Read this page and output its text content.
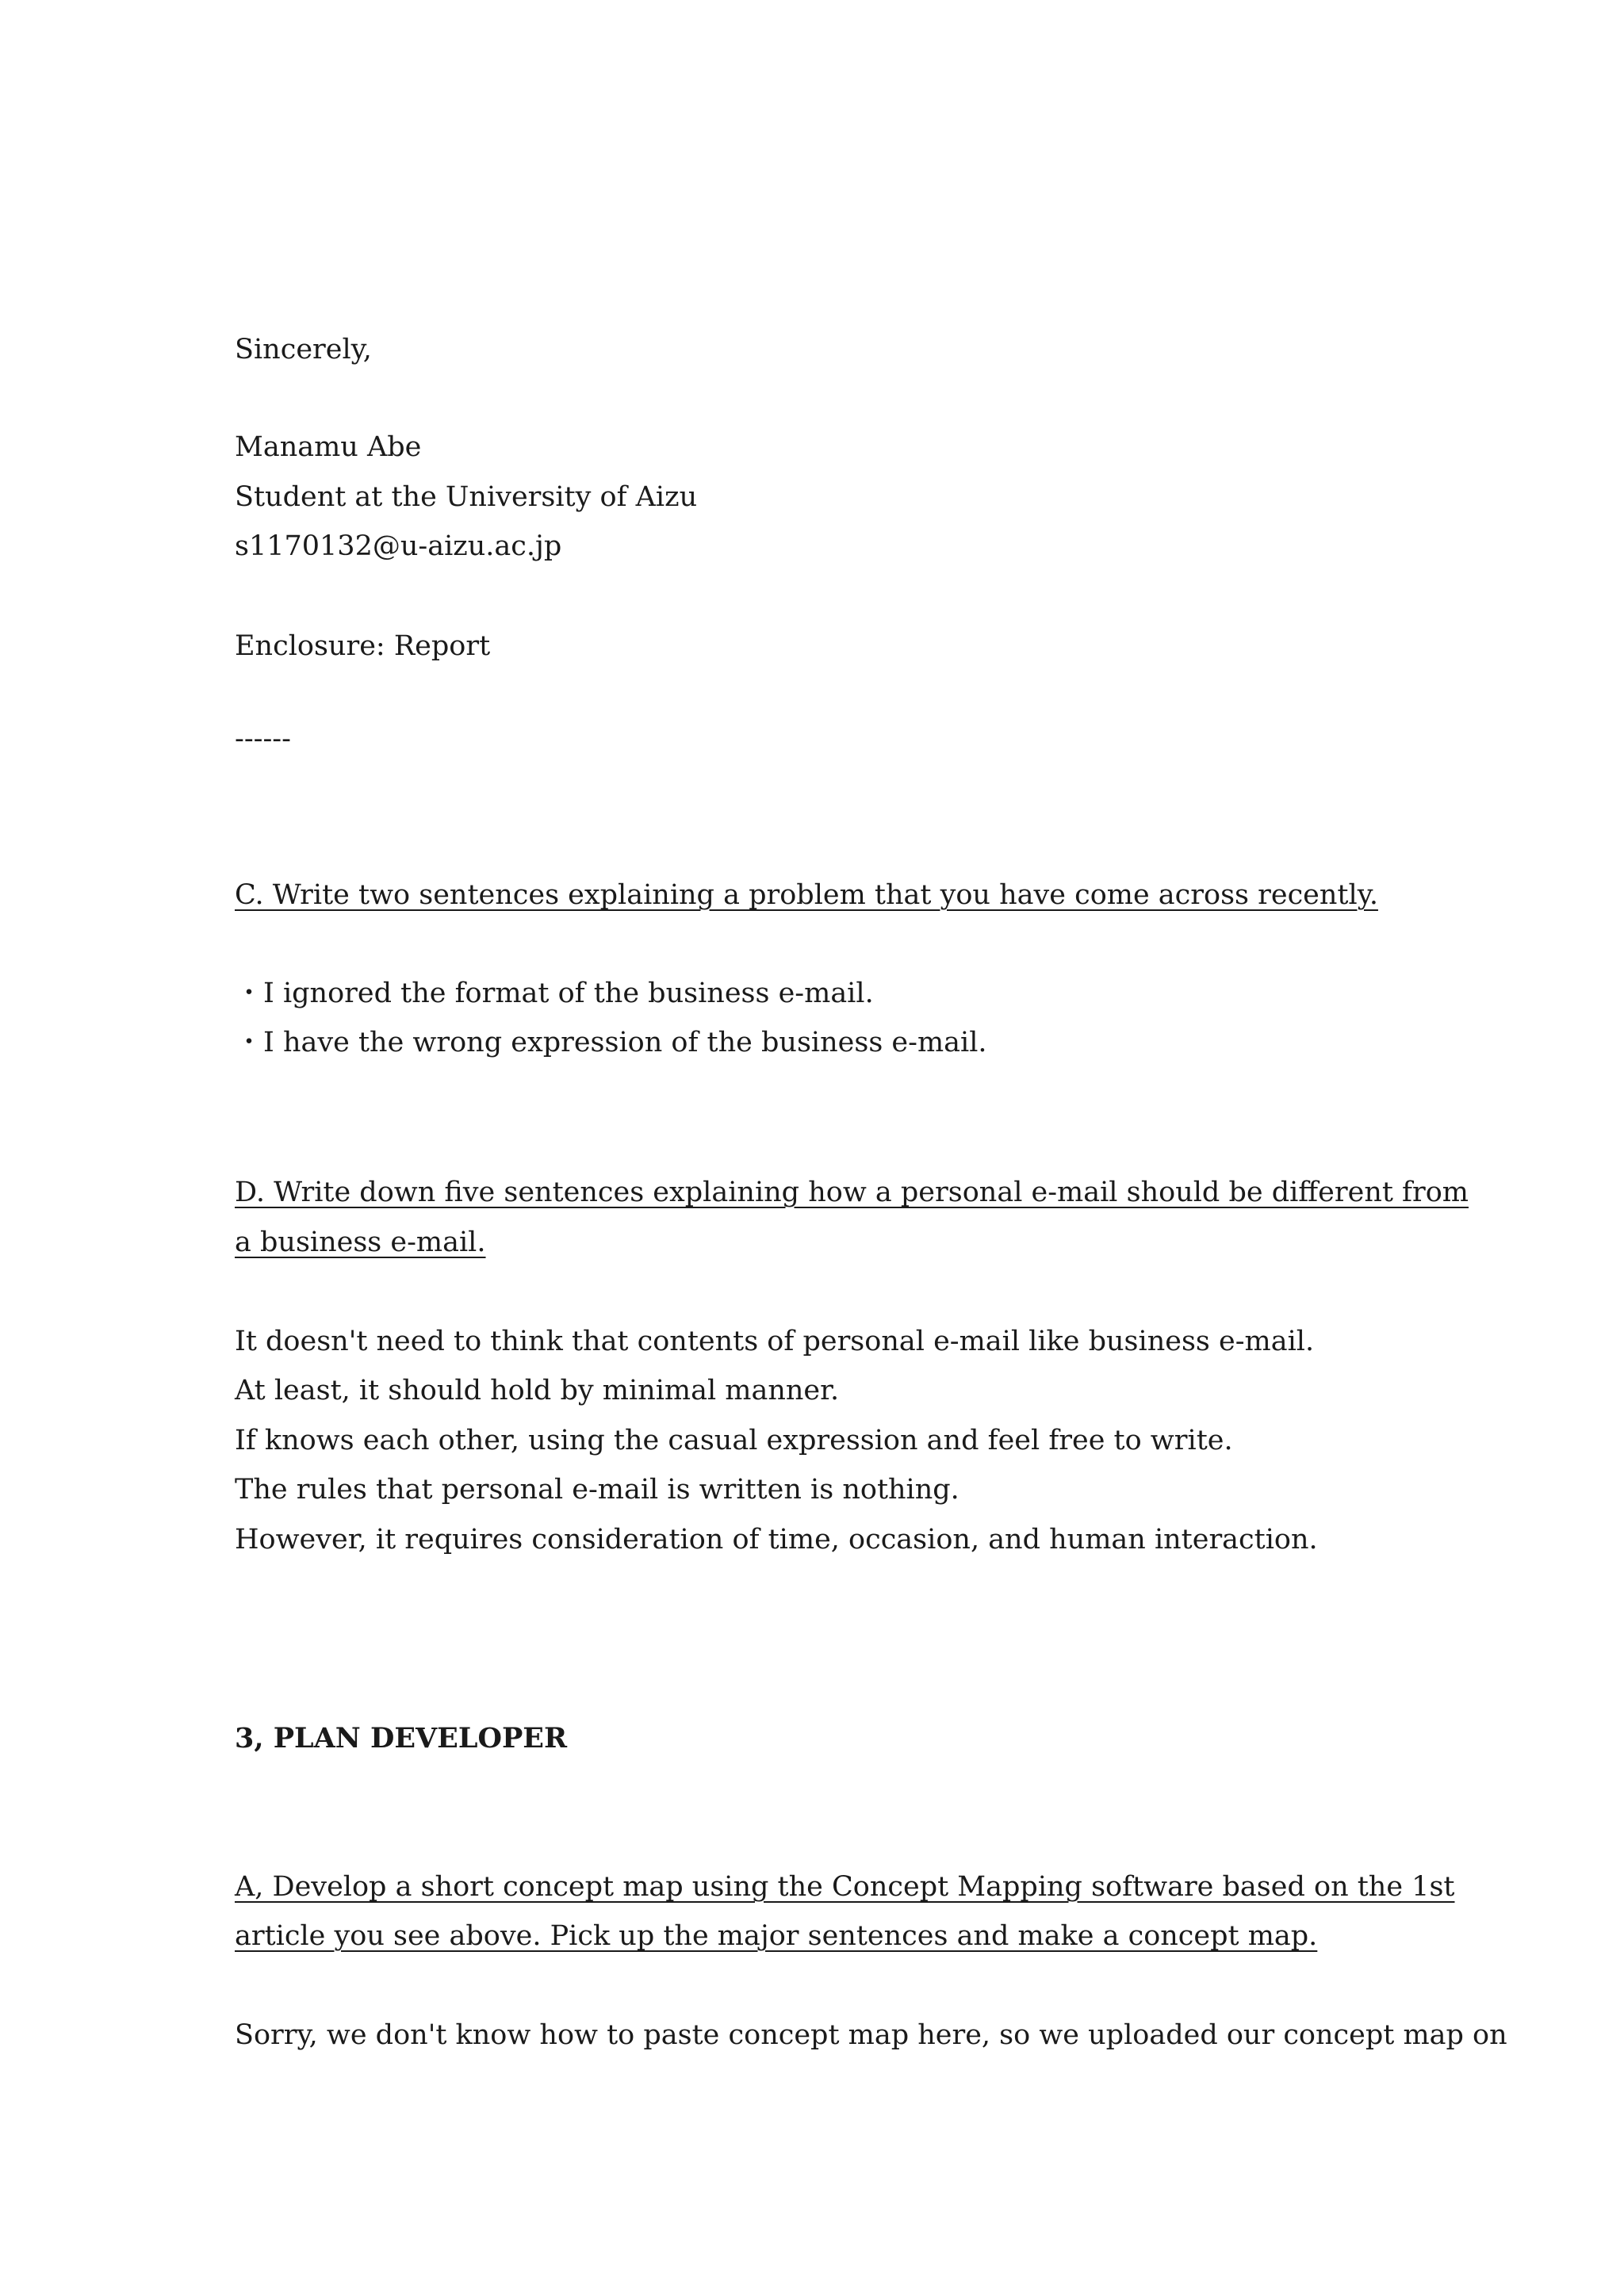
Sincerely,

Manamu Abe

Student at the University of Aizu

s1170132@u-aizu.ac.jp

Enclosure: Report

------

C. Write two sentences explaining a problem that you have come across recently.

・I ignored the format of the business e-mail.

・I have the wrong expression of the business e-mail.

D. Write down five sentences explaining how a personal e-mail should be different from

a business e-mail.

It doesn't need to think that contents of personal e-mail like business e-mail.

At least, it should hold by minimal manner.

If knows each other, using the casual expression and feel free to write.

The rules that personal e-mail is written is nothing.

However, it requires consideration of time, occasion, and human interaction.

3, PLAN DEVELOPER

A, Develop a short concept map using the Concept Mapping software based on the 1st

article you see above. Pick up the major sentences and make a concept map.

Sorry, we don't know how to paste concept map here, so we uploaded our concept map on
